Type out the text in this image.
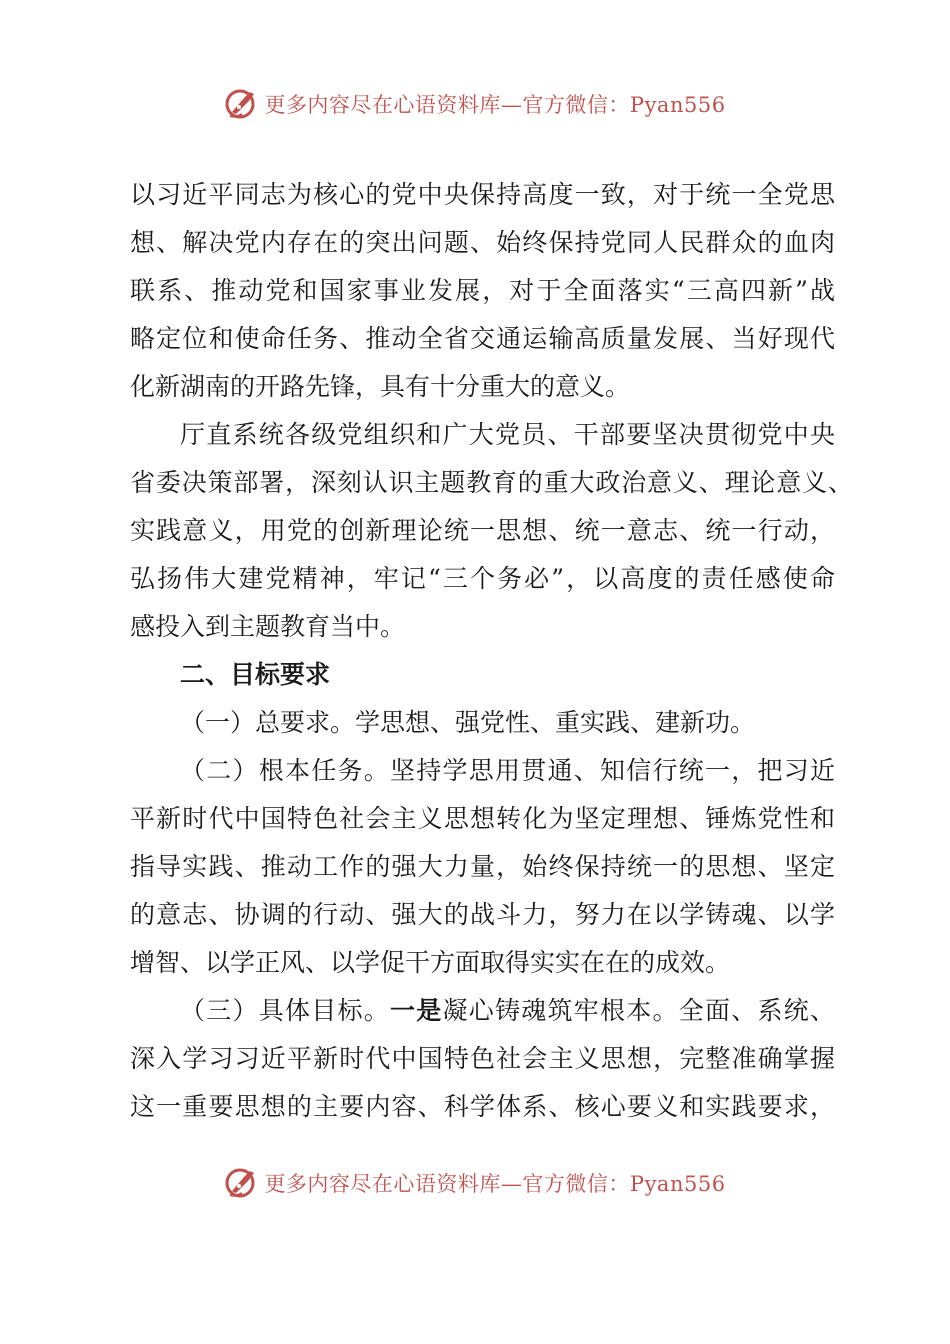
更多内容尽在心语资料库—官方微信：Pyan556
以习近平同志为核心的党中央保持高度一致，对于统一全党思
想、解决党内存在的突出问题、始终保持党同人民群众的血肉
联系、推动党和国家事业发展，对于全面落实“三高四新”战
略定位和使命任务、推动全省交通运输高质量发展、当好现代
化新湖南的开路先锋，具有十分重大的意义。
厅直系统各级党组织和广大党员、干部要坚决贯彻党中央
省委决策部署，深刻认识主题教育的重大政治意义、理论意义、
实践意义，用党的创新理论统一思想、统一意志、统一行动，
弘扬伟大建党精神，牢记“三个务必”，以高度的责任感使命
感投入到主题教育当中。
二、目标要求
（一）总要求。学思想、强党性、重实践、建新功。
（二）根本任务。坚持学思用贯通、知信行统一，把习近
平新时代中国特色社会主义思想转化为坚定理想、锤炼党性和
指导实践、推动工作的强大力量，始终保持统一的思想、坚定
的意志、协调的行动、强大的战斗力，努力在以学铸魂、以学
增智、以学正风、以学促干方面取得实实在在的成效。
（三）具体目标。一是凝心铸魂筑牢根本。全面、系统、
深入学习习近平新时代中国特色社会主义思想，完整准确掌握
这一重要思想的主要内容、科学体系、核心要义和实践要求，
更多内容尽在心语资料库—官方微信：Pyan556
